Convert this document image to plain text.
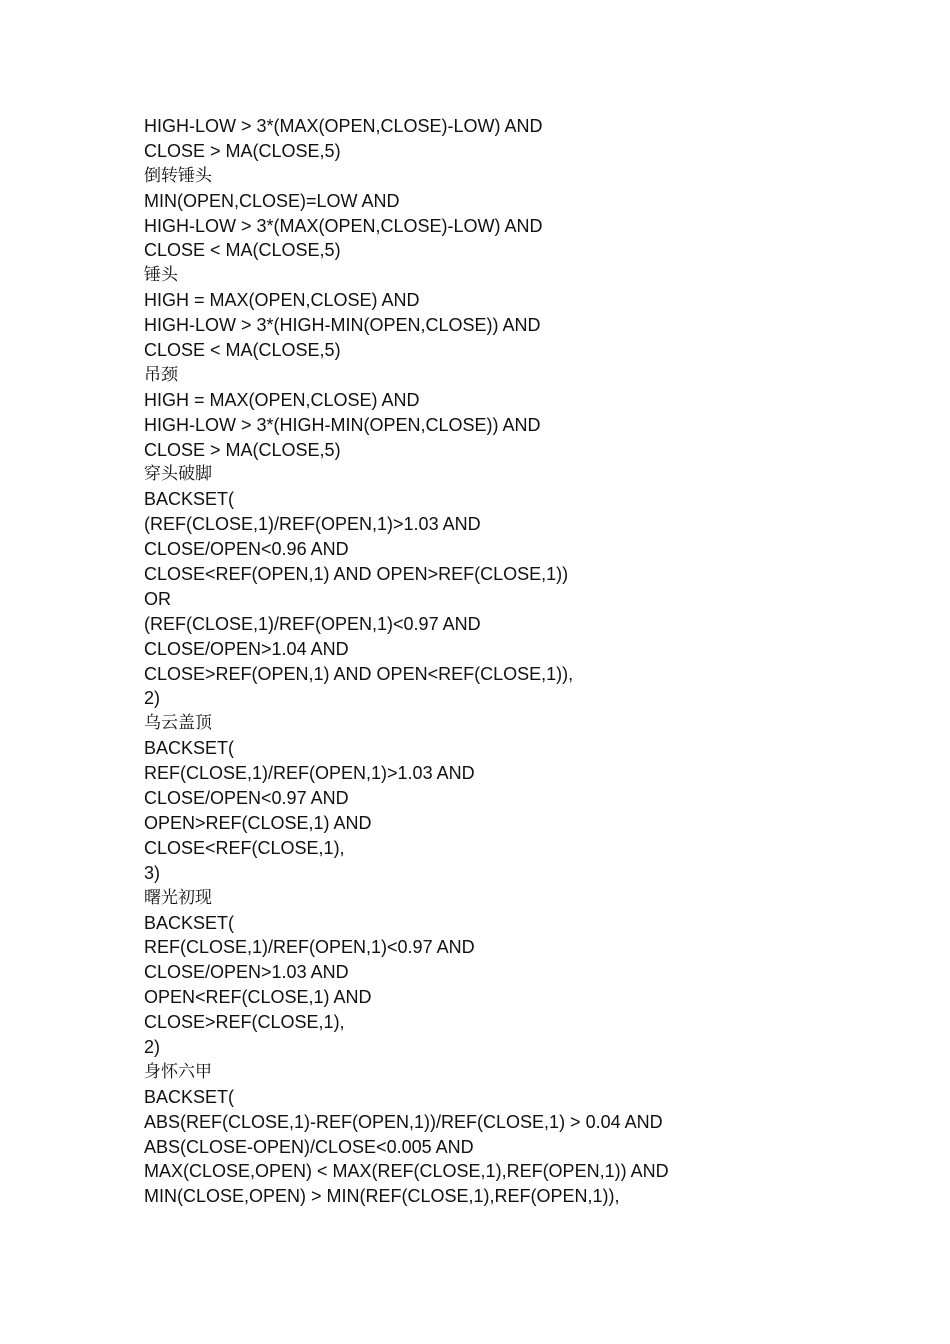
HIGH-LOW > 3*(MAX(OPEN,CLOSE)-LOW) AND
CLOSE > MA(CLOSE,5)
倒转锤头
MIN(OPEN,CLOSE)=LOW AND
HIGH-LOW > 3*(MAX(OPEN,CLOSE)-LOW) AND
CLOSE < MA(CLOSE,5)
锤头
HIGH = MAX(OPEN,CLOSE) AND
HIGH-LOW > 3*(HIGH-MIN(OPEN,CLOSE)) AND
CLOSE < MA(CLOSE,5)
吊颈
HIGH = MAX(OPEN,CLOSE) AND
HIGH-LOW > 3*(HIGH-MIN(OPEN,CLOSE)) AND
CLOSE > MA(CLOSE,5)
穿头破脚
BACKSET(
(REF(CLOSE,1)/REF(OPEN,1)>1.03 AND
CLOSE/OPEN<0.96 AND
CLOSE<REF(OPEN,1) AND OPEN>REF(CLOSE,1))
OR
(REF(CLOSE,1)/REF(OPEN,1)<0.97 AND
CLOSE/OPEN>1.04 AND
CLOSE>REF(OPEN,1) AND OPEN<REF(CLOSE,1)),
2)
乌云盖顶
BACKSET(
REF(CLOSE,1)/REF(OPEN,1)>1.03 AND
CLOSE/OPEN<0.97 AND
OPEN>REF(CLOSE,1) AND
CLOSE<REF(CLOSE,1),
3)
曙光初现
BACKSET(
REF(CLOSE,1)/REF(OPEN,1)<0.97 AND
CLOSE/OPEN>1.03 AND
OPEN<REF(CLOSE,1) AND
CLOSE>REF(CLOSE,1),
2)
身怀六甲
BACKSET(
ABS(REF(CLOSE,1)-REF(OPEN,1))/REF(CLOSE,1) > 0.04 AND
ABS(CLOSE-OPEN)/CLOSE<0.005 AND
MAX(CLOSE,OPEN) < MAX(REF(CLOSE,1),REF(OPEN,1)) AND
MIN(CLOSE,OPEN) > MIN(REF(CLOSE,1),REF(OPEN,1)),
